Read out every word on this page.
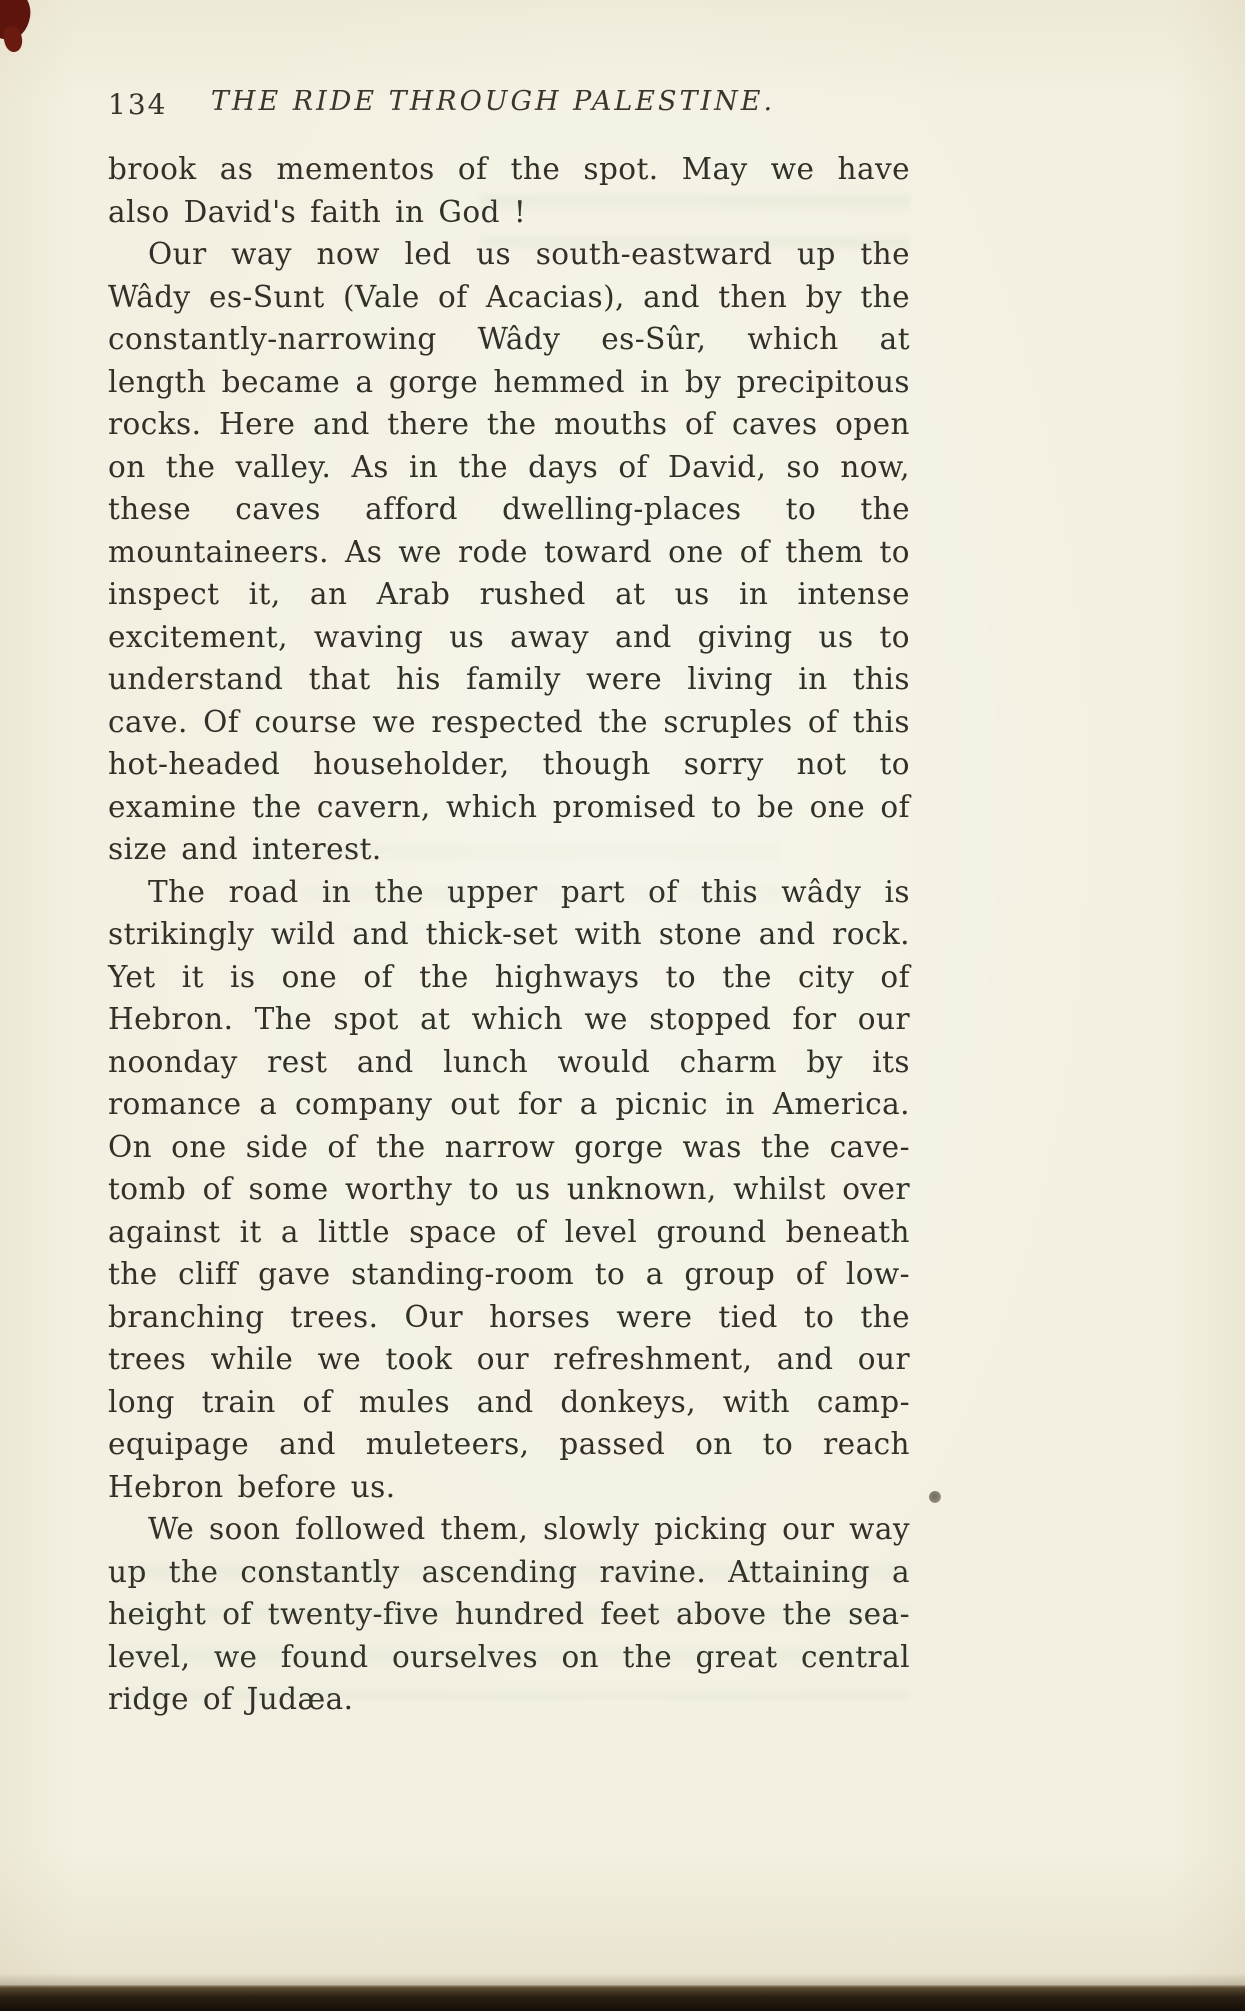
134	THE RIDE THROUGH PALESTINE.

brook as mementos of the spot. May we have also David's faith in God !

Our way now led us south-eastward up the Wâdy es-Sunt (Vale of Acacias), and then by the constantly-narrowing Wâdy es-Sûr, which at length became a gorge hemmed in by precipitous rocks. Here and there the mouths of caves open on the valley. As in the days of David, so now, these caves afford dwelling-places to the mountaineers. As we rode toward one of them to inspect it, an Arab rushed at us in intense excitement, waving us away and giving us to understand that his family were living in this cave. Of course we respected the scruples of this hot-headed householder, though sorry not to examine the cavern, which promised to be one of size and interest.

The road in the upper part of this wâdy is strikingly wild and thick-set with stone and rock. Yet it is one of the highways to the city of Hebron. The spot at which we stopped for our noonday rest and lunch would charm by its romance a company out for a picnic in America. On one side of the narrow gorge was the cave-tomb of some worthy to us unknown, whilst over against it a little space of level ground beneath the cliff gave standing-room to a group of low-branching trees. Our horses were tied to the trees while we took our refreshment, and our long train of mules and donkeys, with camp-equipage and muleteers, passed on to reach Hebron before us.

We soon followed them, slowly picking our way up the constantly ascending ravine. Attaining a height of twenty-five hundred feet above the sea-level, we found ourselves on the great central ridge of Judæa.
